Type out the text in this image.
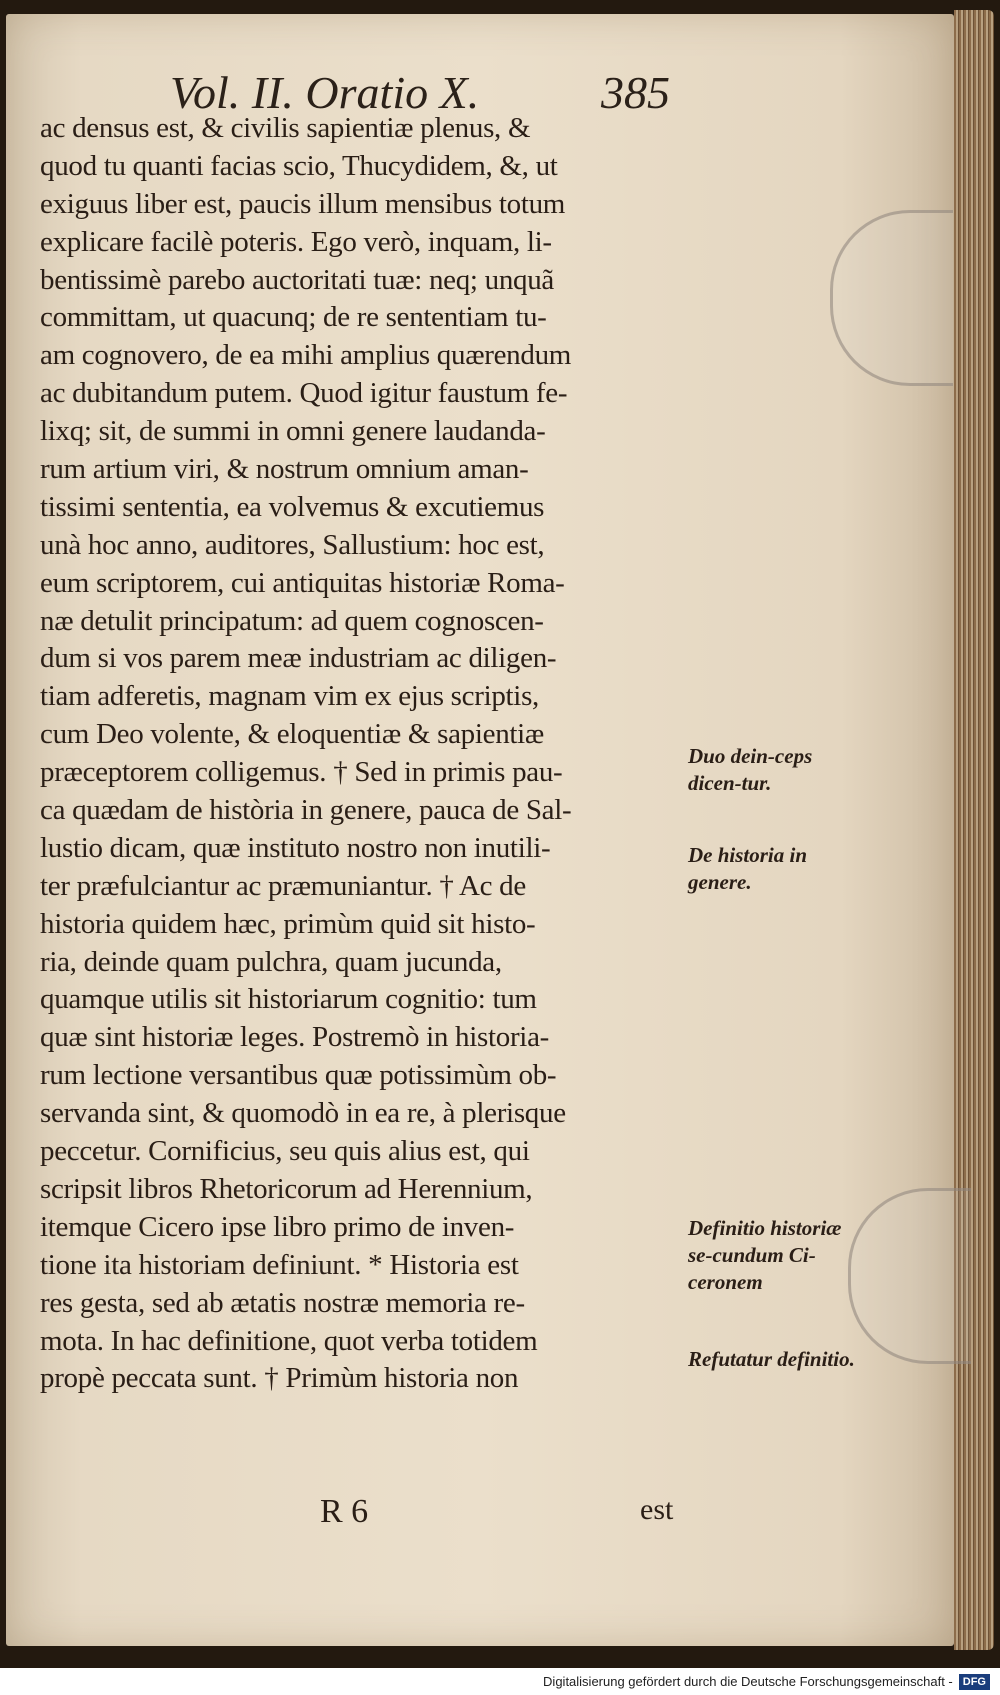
Vol. II. Oratio X.	385
ac densus est, & civilis sapientiæ plenus, &
quod tu quanti facias scio, Thucydidem, &, ut
exiguus liber est, paucis illum mensibus totum
explicare facilè poteris. Ego verò, inquam, li-
bentissimè parebo auctoritati tuæ: neq; unquã
committam, ut quacunq; de re sententiam tu-
am cognovero, de ea mihi amplius quærendum
ac dubitandum putem. Quod igitur faustum fe-
lixq; sit, de summi in omni genere laudanda-
rum artium viri, & nostrum omnium aman-
tissimi sententia, ea volvemus & excutiemus
unà hoc anno, auditores, Sallustium: hoc est,
eum scriptorem, cui antiquitas historiæ Roma-
næ detulit principatum: ad quem cognoscen-
dum si vos parem meæ industriam ac diligen-
tiam adferetis, magnam vim ex ejus scriptis,
cum Deo volente, & eloquentiæ & sapientiæ
præceptorem colligemus. † Sed in primis pau-
ca quædam de història in genere, pauca de Sal-
lustio dicam, quæ instituto nostro non inutili-
ter præfulciantur ac præmuniantur. † Ac de
historia quidem hæc, primùm quid sit histo-
ria, deinde quam pulchra, quam jucunda,
quamque utilis sit historiarum cognitio: tum
quæ sint historiæ leges. Postremò in historia-
rum lectione versantibus quæ potissimùm ob-
servanda sint, & quomodò in ea re, à plerisque
peccetur. Cornificius, seu quis alius est, qui
scripsit libros Rhetoricorum ad Herennium,
itemque Cicero ipse libro primo de inven-
tione ita historiam definiunt. * Historia est
res gesta, sed ab ætatis nostræ memoria re-
mota. In hac definitione, quot verba totidem
propè peccata sunt. † Primùm historia non
Duo dein-ceps dicen-tur.
De historia in genere.
Definitio historiæ se-cundum Ci-ceronem
Refutatur definitio.
R 6	est
Digitalisierung gefördert durch die Deutsche Forschungsgemeinschaft - DFG
